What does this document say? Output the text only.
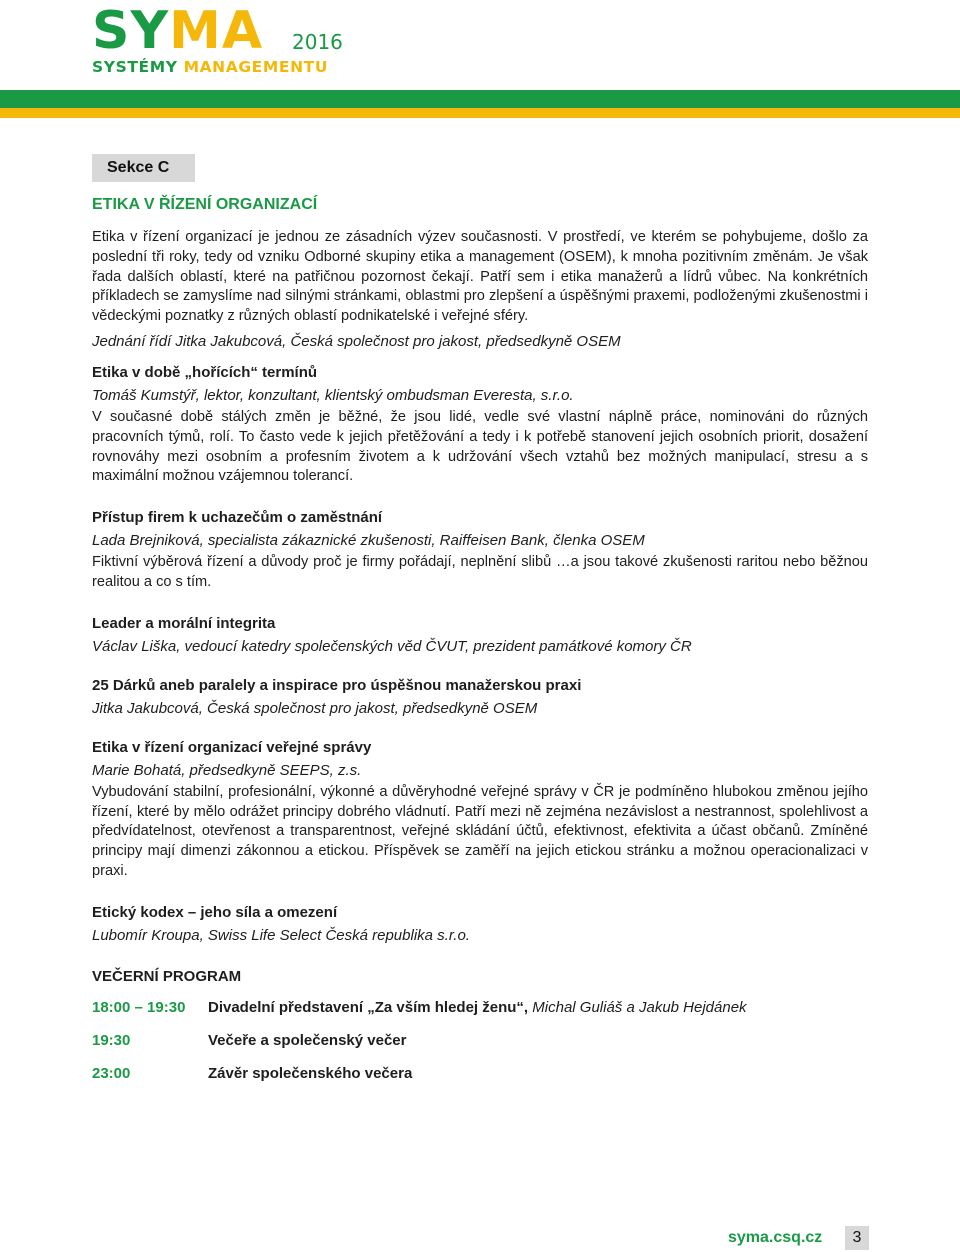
SYMA	2016
SYSTÉMY MANAGEMENTU
Sekce C
ETIKA V ŘÍZENÍ ORGANIZACÍ

Etika v řízení organizací je jednou ze zásadních výzev současnosti. V prostředí, ve kterém se pohybujeme, došlo za poslední tři roky, tedy od vzniku Odborné skupiny etika a management (OSEM), k mnoha pozitivním změnám. Je však řada dalších oblastí, které na patřičnou pozornost čekají. Patří sem i etika manažerů a lídrů vůbec. Na konkrétních příkladech se zamyslíme nad silnými stránkami, oblastmi pro zlepšení a úspěšnými praxemi, podloženými zkušenostmi i vědeckými poznatky z různých oblastí podnikatelské i veřejné sféry.

Jednání řídí Jitka Jakubcová, Česká společnost pro jakost, předsedkyně OSEM
Etika v době „hořících“ termínů
Tomáš Kumstýř, lektor, konzultant, klientský ombudsman Everesta, s.r.o.

V současné době stálých změn je běžné, že jsou lidé, vedle své vlastní náplně práce, nominováni do různých pracovních týmů, rolí. To často vede k jejich přetěžování a tedy i k potřebě stanovení jejich osobních priorit, dosažení rovnováhy mezi osobním a profesním životem a k udržování všech vztahů bez možných manipulací, stresu a s maximální možnou vzájemnou tolerancí.

Přístup firem k uchazečům o zaměstnání
Lada Brejniková, specialista zákaznické zkušenosti, Raiffeisen Bank, členka OSEM

Fiktivní výběrová řízení a důvody proč je firmy pořádají, neplnění slibů …a jsou takové zkušenosti raritou nebo běžnou realitou a co s tím.

Leader a morální integrita
Václav Liška, vedoucí katedry společenských věd ČVUT, prezident památkové komory ČR
25 Dárků aneb paralely a inspirace pro úspěšnou manažerskou praxi
Jitka Jakubcová, Česká společnost pro jakost, předsedkyně OSEM
Etika v řízení organizací veřejné správy
Marie Bohatá, předsedkyně SEEPS, z.s.

Vybudování stabilní, profesionální, výkonné a důvěryhodné veřejné správy v ČR je podmíněno hlubokou změnou jejího řízení, které by mělo odrážet principy dobrého vládnutí. Patří mezi ně zejména nezávislost a nestrannost, spolehlivost a předvídatelnost, otevřenost a transparentnost, veřejné skládání účtů, efektivnost, efektivita a účast občanů. Zmíněné principy mají dimenzi zákonnou a etickou. Příspěvek se zaměří na jejich etickou stránku a možnou operacionalizaci v praxi.

Etický kodex – jeho síla a omezení
Lubomír Kroupa, Swiss Life Select Česká republika s.r.o.
VEČERNÍ PROGRAM
18:00 – 19:30	Divadelní představení „Za vším hledej ženu“, Michal Guliáš a Jakub Hejdánek
19:30	Večeře a společenský večer
23:00	Závěr společenského večera
syma.csq.cz	3
